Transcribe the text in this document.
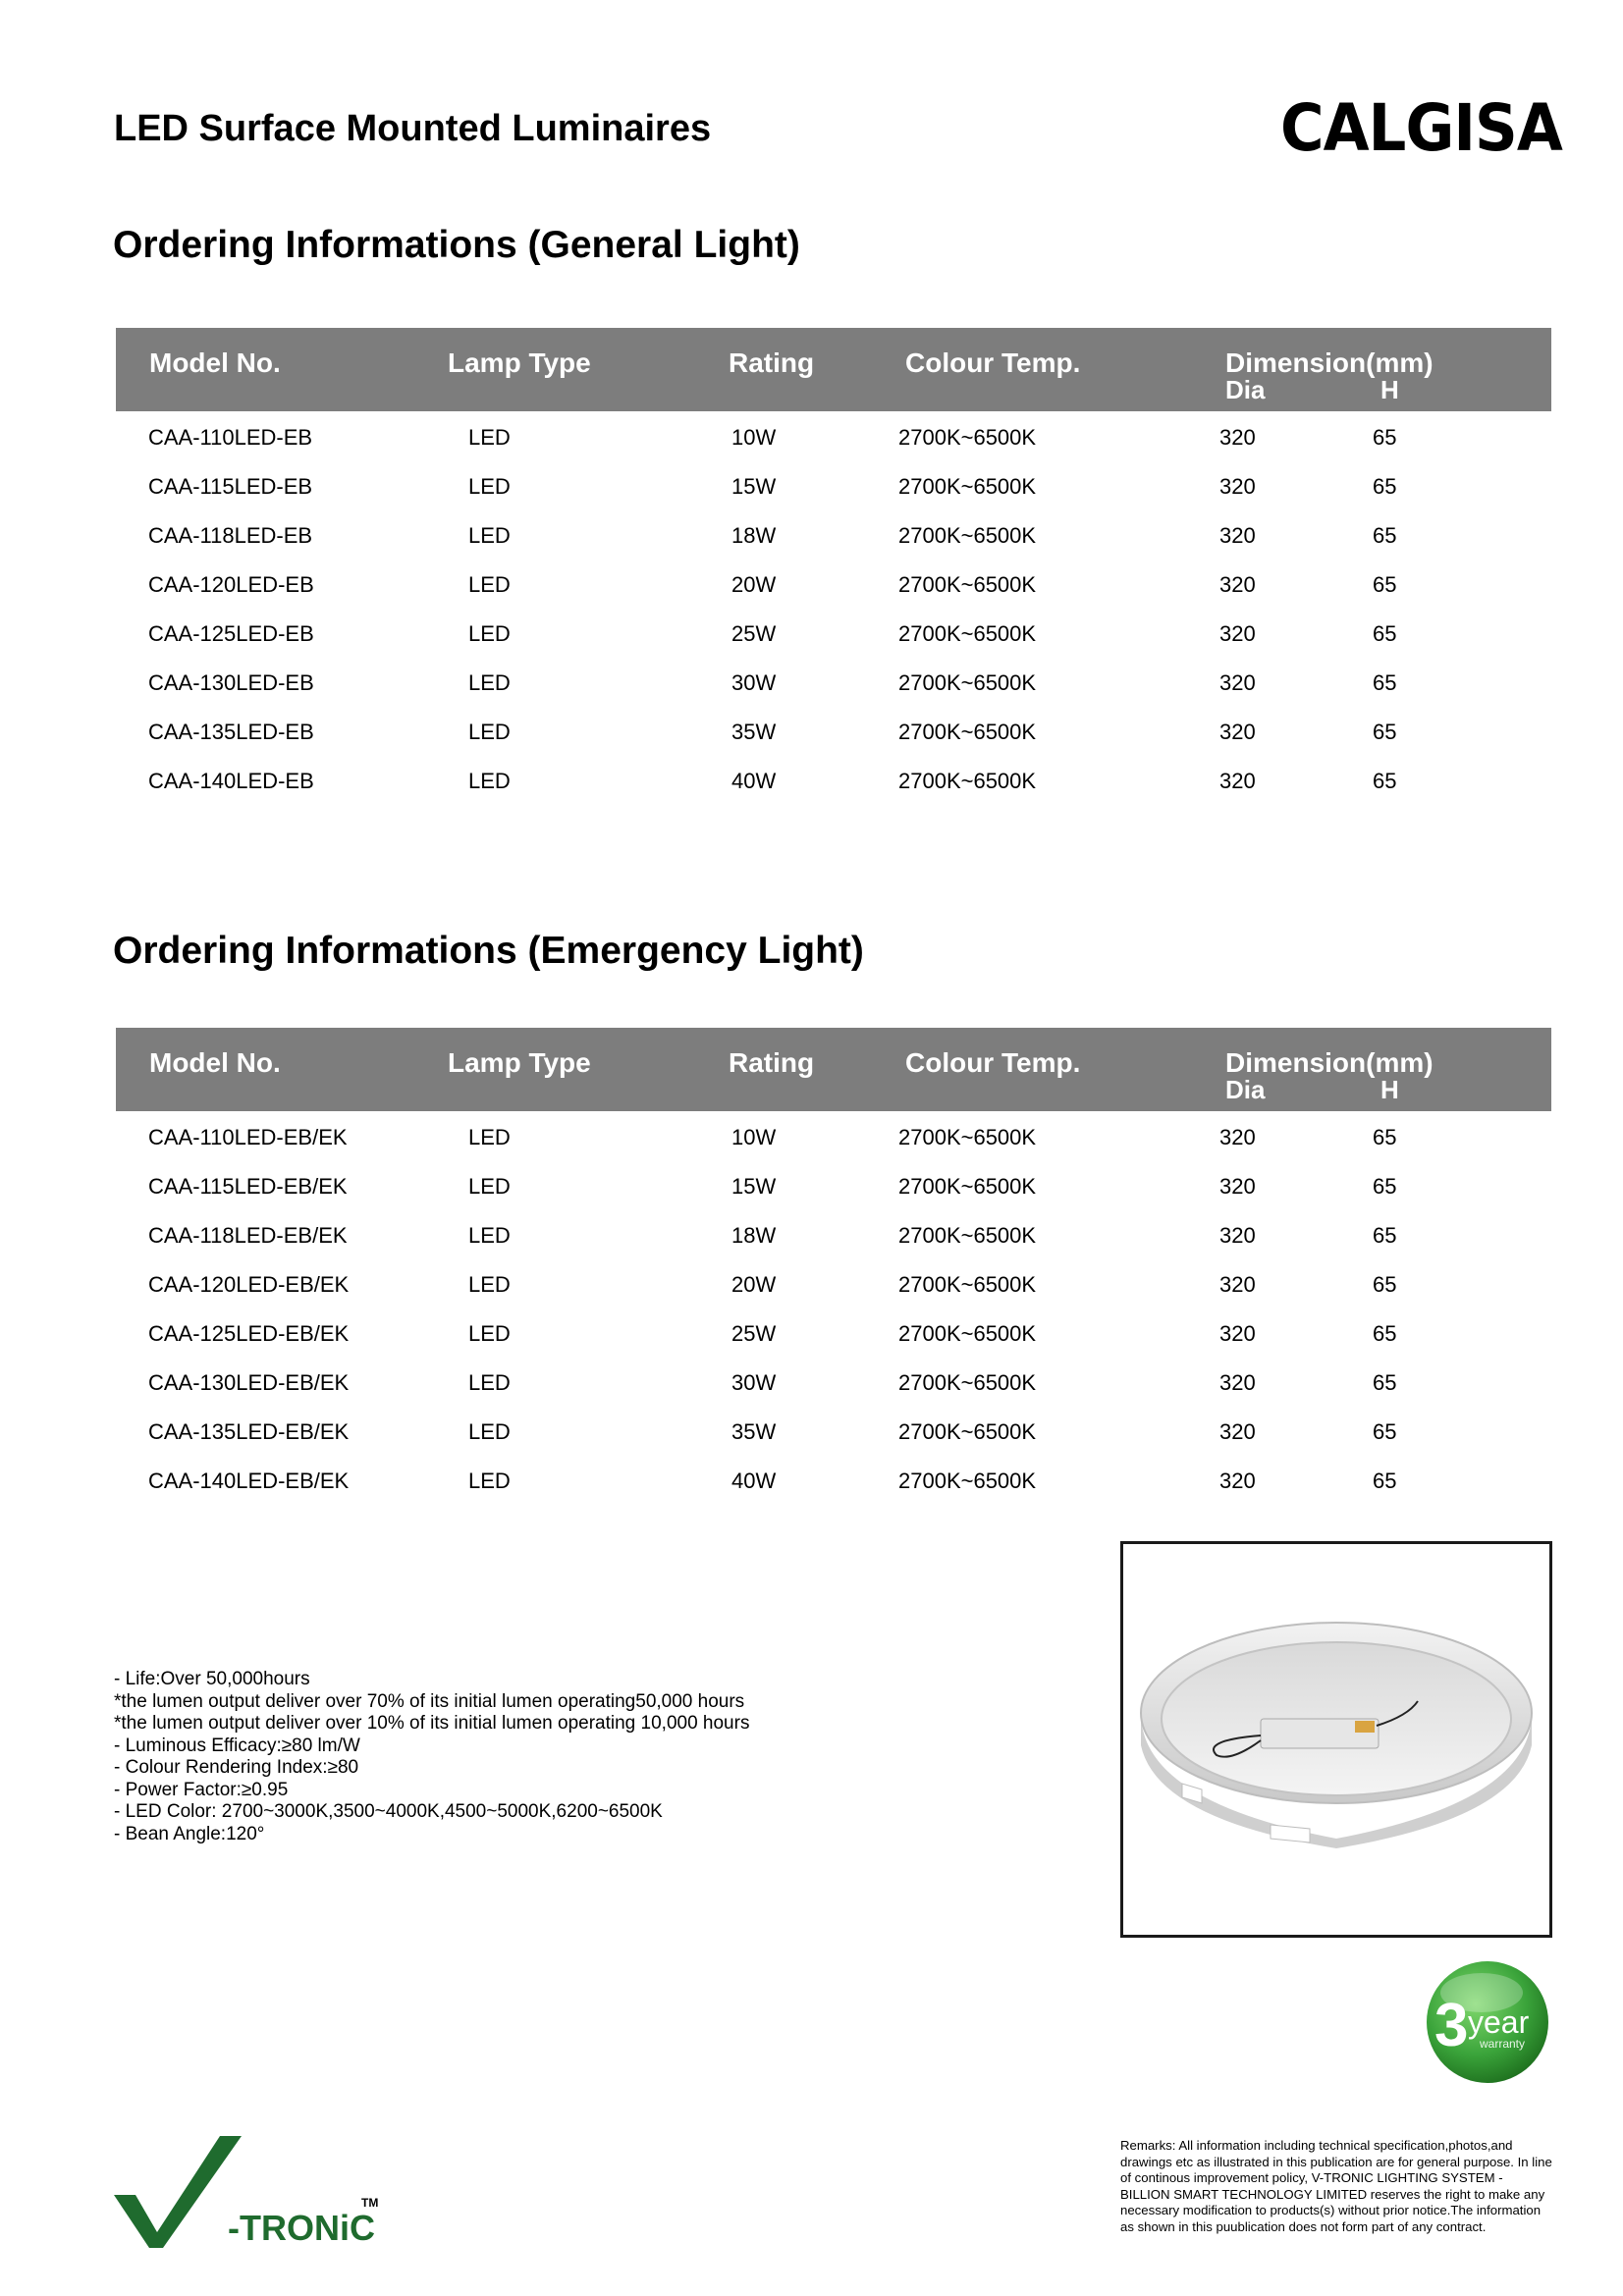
LED Surface Mounted Luminaires	CALGISA
Ordering Informations (General Light)
Model No.	Lamp Type	Rating	Colour Temp.	Dimension(mm)
Dia	H
CAA-110LED-EB	LED	10W	2700K~6500K	320	65
CAA-115LED-EB	LED	15W	2700K~6500K	320	65
CAA-118LED-EB	LED	18W	2700K~6500K	320	65
CAA-120LED-EB	LED	20W	2700K~6500K	320	65
CAA-125LED-EB	LED	25W	2700K~6500K	320	65
CAA-130LED-EB	LED	30W	2700K~6500K	320	65
CAA-135LED-EB	LED	35W	2700K~6500K	320	65
CAA-140LED-EB	LED	40W	2700K~6500K	320	65
Ordering Informations (Emergency Light)
Model No.	Lamp Type	Rating	Colour Temp.	Dimension(mm)
Dia	H
CAA-110LED-EB/EK	LED	10W	2700K~6500K	320	65
CAA-115LED-EB/EK	LED	15W	2700K~6500K	320	65
CAA-118LED-EB/EK	LED	18W	2700K~6500K	320	65
CAA-120LED-EB/EK	LED	20W	2700K~6500K	320	65
CAA-125LED-EB/EK	LED	25W	2700K~6500K	320	65
CAA-130LED-EB/EK	LED	30W	2700K~6500K	320	65
CAA-135LED-EB/EK	LED	35W	2700K~6500K	320	65
CAA-140LED-EB/EK	LED	40W	2700K~6500K	320	65
- Life:Over 50,000hours
*the lumen output deliver over 70% of its initial lumen operating50,000 hours
*the lumen output deliver over 10% of its initial lumen operating 10,000 hours
- Luminous Efficacy:≥80 lm/W
- Colour Rendering Index:≥80
- Power Factor:≥0.95
- LED Color: 2700~3000K,3500~4000K,4500~5000K,6200~6500K
- Bean Angle:120°
3 year
warranty
-TRONiC
TM
Remarks: All information including technical specification,photos,and drawings etc as illustrated in this publication are for general purpose. In line of continous improvement policy, V-TRONIC LIGHTING SYSTEM - BILLION SMART TECHNOLOGY LIMITED reserves the right to make any necessary modification to products(s) without prior notice.The information as shown in this puublication does not form part of any contract.
